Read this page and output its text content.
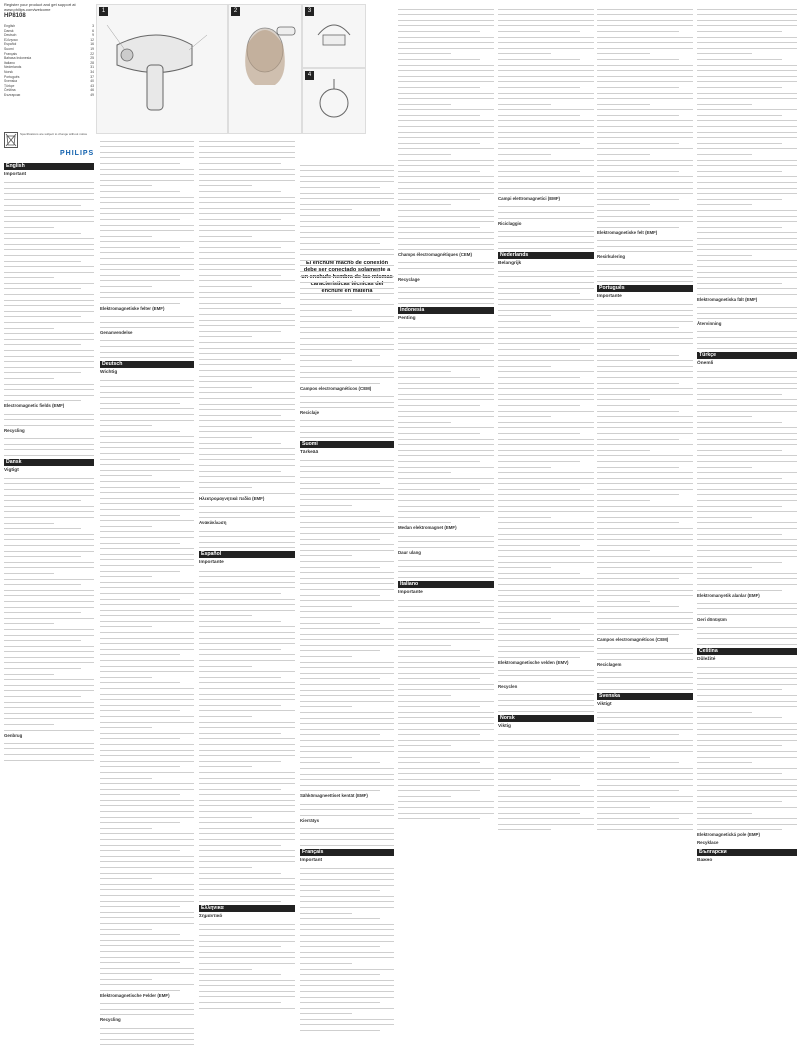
Register your product and get support at
www.philips.com/welcome
HP8108
English	3
Dansk	6
Deutsch	9
Ελληνικα	12
Español	16
Suomi	19
Français	22
Bahasa Indonesia	25
Italiano	28
Nederlands	31
Norsk	34
Português	37
Svenska	40
Türkçe	43
Čeština	46
Български	49
Specifications are subject to change without notice
PHILIPS
1	2	3
4
El enchufe macho de conexión debe ser conectado solamente a un enchufe hembra de las mismas características técnicas del enchufe en materia
English
Important
Electromagnetic fields (EMF)
Recycling
Dansk
Vigtigt
Genbrug
Elektromagnetiske felter (EMF)
Genanvendelse
Deutsch
Wichtig
Elektromagnetische Felder (EMF)
Recycling
Ηλεκτρομαγνητικά πεδία (EMF)
Ανακύκλωση
Español
Importante
Ελληνικα
Σημαντικό
Campos electromagnéticos (CEM)
Reciclaje
Suomi
Tärkeää
Sähkömagneettiset kentät (EMF)
Kierrätys
Français
Important
Champs électromagnétiques (CEM)
Recyclage
Indonesia
Penting
Medan elektromagnet (EMF)
Daur ulang
Italiano
Importante
Campi elettromagnetici (EMF)
Riciclaggio
Nederlands
Belangrijk
Elektromagnetische velden (EMV)
Recyclen
Norsk
Viktig
Elektromagnetiske felt (EMF)
Resirkulering
Português
Importante
Campos electromagnéticos (CEM)
Reciclagem
Svenska
Viktigt
Elektromagnetiska fält (EMF)
Återvinning
Türkçe
Önemli
Elektromanyetik alanlar (EMF)
Geri dönüşüm
Čeština
Důležité
Elektromagnetická pole (EMP)
Recyklace
Български
Важно
